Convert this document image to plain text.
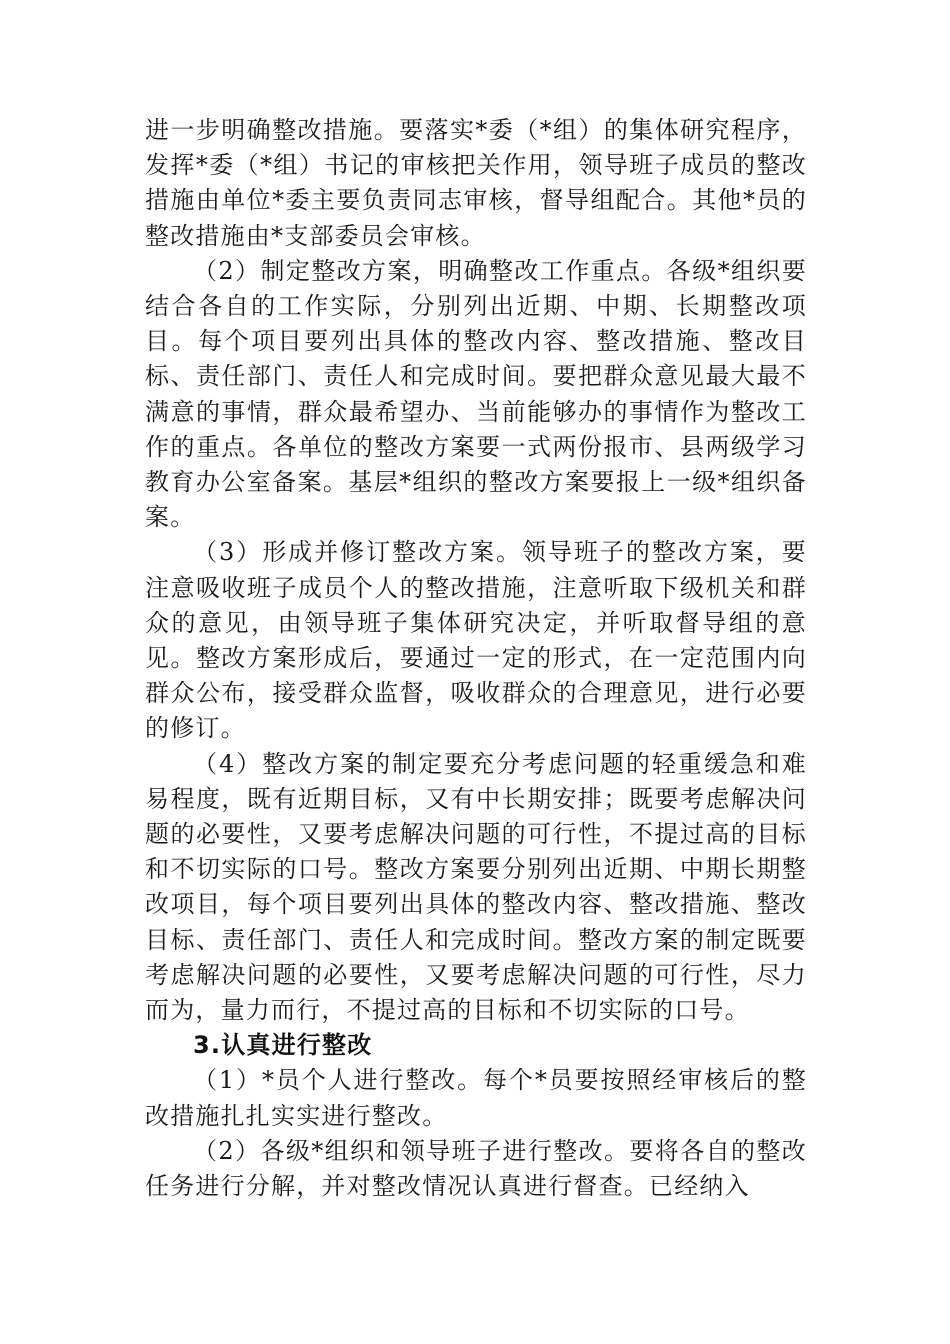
进一步明确整改措施。要落实*委（*组）的集体研究程序，发挥*委（*组）书记的审核把关作用，领导班子成员的整改措施由单位*委主要负责同志审核，督导组配合。其他*员的整改措施由*支部委员会审核。

（2）制定整改方案，明确整改工作重点。各级*组织要结合各自的工作实际，分别列出近期、中期、长期整改项目。每个项目要列出具体的整改内容、整改措施、整改目标、责任部门、责任人和完成时间。要把群众意见最大最不满意的事情，群众最希望办、当前能够办的事情作为整改工作的重点。各单位的整改方案要一式两份报市、县两级学习教育办公室备案。基层*组织的整改方案要报上一级*组织备案。

（3）形成并修订整改方案。领导班子的整改方案，要注意吸收班子成员个人的整改措施，注意听取下级机关和群众的意见，由领导班子集体研究决定，并听取督导组的意见。整改方案形成后，要通过一定的形式，在一定范围内向群众公布，接受群众监督，吸收群众的合理意见，进行必要的修订。

（4）整改方案的制定要充分考虑问题的轻重缓急和难易程度，既有近期目标，又有中长期安排；既要考虑解决问题的必要性，又要考虑解决问题的可行性，不提过高的目标和不切实际的口号。整改方案要分别列出近期、中期长期整改项目，每个项目要列出具体的整改内容、整改措施、整改目标、责任部门、责任人和完成时间。整改方案的制定既要考虑解决问题的必要性，又要考虑解决问题的可行性，尽力而为，量力而行，不提过高的目标和不切实际的口号。

3.认真进行整改

（1）*员个人进行整改。每个*员要按照经审核后的整改措施扎扎实实进行整改。

（2）各级*组织和领导班子进行整改。要将各自的整改任务进行分解，并对整改情况认真进行督查。已经纳入
